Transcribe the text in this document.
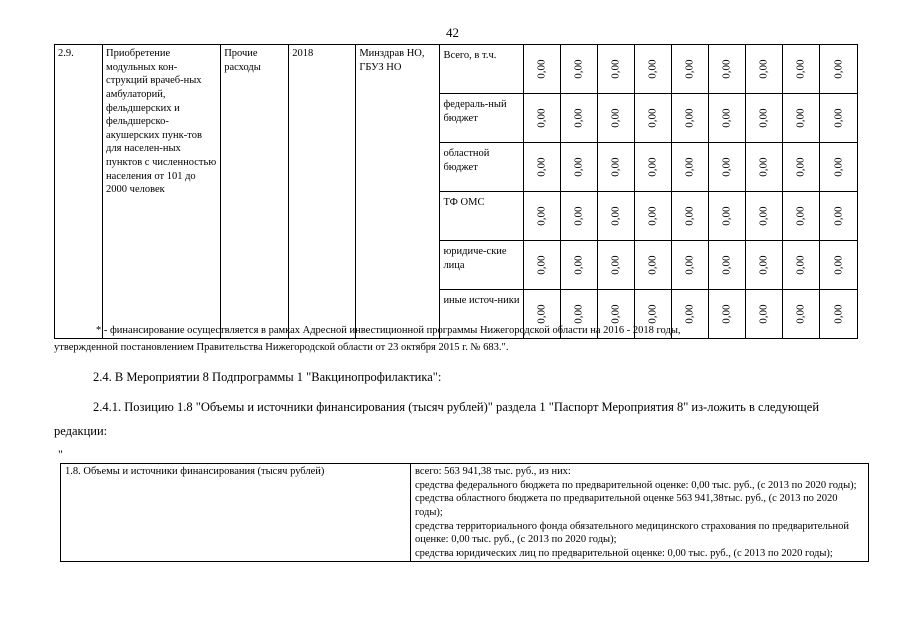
42
2.9.	Приобретение модульных кон-струкций врачеб-ных амбулаторий, фельдшерских и фельдшерско-акушерских пунк-тов для населен-ных пунктов с численностью населения от 101 до 2000 человек	Прочие расходы	2018	Минздрав НО, ГБУЗ НО	Всего, в т.ч.	0,00	0,00	0,00	0,00	0,00	0,00	0,00	0,00	0,00
					федераль-ный бюджет	0,00	0,00	0,00	0,00	0,00	0,00	0,00	0,00	0,00
					областной бюджет	0,00	0,00	0,00	0,00	0,00	0,00	0,00	0,00	0,00
					ТФ ОМС	0,00	0,00	0,00	0,00	0,00	0,00	0,00	0,00	0,00
					юридиче-ские лица	0,00	0,00	0,00	0,00	0,00	0,00	0,00	0,00	0,00
					иные источ-ники	0,00	0,00	0,00	0,00	0,00	0,00	0,00	0,00	0,00
* - финансирование осуществляется в рамках Адресной инвестиционной программы Нижегородской области на 2016 - 2018 годы,
утвержденной постановлением Правительства Нижегородской области от 23 октября 2015 г. № 683.".
2.4. В Мероприятии 8 Подпрограммы 1 "Вакцинопрофилактика":
2.4.1. Позицию 1.8 "Объемы и источники финансирования (тысяч рублей)" раздела 1 "Паспорт Мероприятия 8" из-ложить в следующей редакции:
"
1.8. Объемы и источники финансирования (тысяч рублей)	всего: 563 941,38 тыс. руб., из них:
средства федерального бюджета по предварительной оценке: 0,00 тыс. руб., (с 2013 по 2020 годы);
средства областного бюджета по предварительной оценке 563 941,38тыс. руб., (с 2013 по 2020 годы);
средства территориального фонда обязательного медицинского страхования по предварительной оценке: 0,00 тыс. руб., (с 2013 по 2020 годы);
средства юридических лиц по предварительной оценке: 0,00 тыс. руб., (с 2013 по 2020 годы);
